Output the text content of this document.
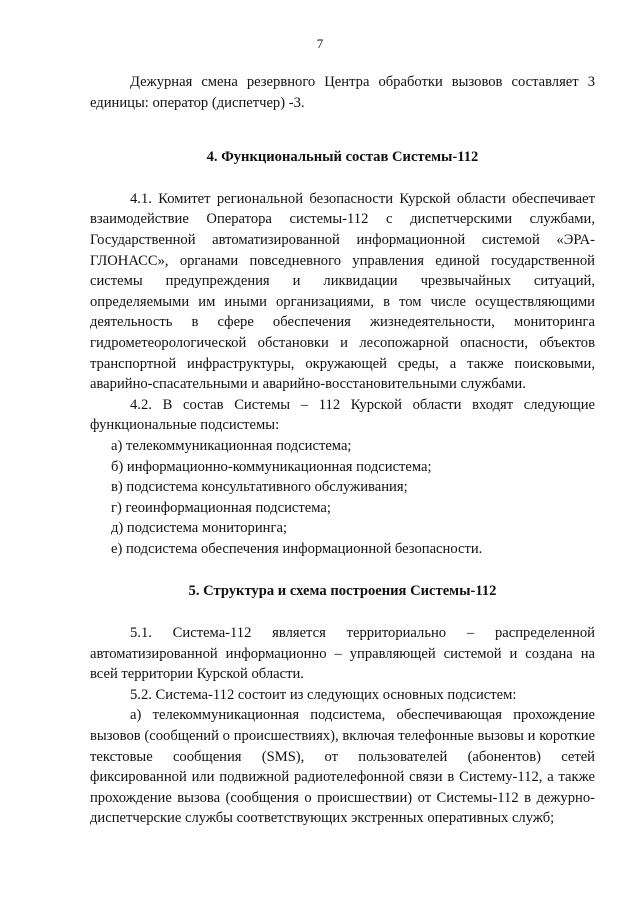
7

Дежурная смена резервного Центра обработки вызовов составляет 3 единицы: оператор (диспетчер) -3.

4. Функциональный состав Системы-112

4.1. Комитет региональной безопасности Курской области обеспечивает взаимодействие Оператора системы-112 с диспетчерскими службами, Государственной автоматизированной информационной системой «ЭРА-ГЛОНАСС», органами повседневного управления единой государственной системы предупреждения и ликвидации чрезвычайных ситуаций, определяемыми им иными организациями, в том числе осуществляющими деятельность в сфере обеспечения жизнедеятельности, мониторинга гидрометеорологической обстановки и лесопожарной опасности, объектов транспортной инфраструктуры, окружающей среды, а также поисковыми, аварийно-спасательными и аварийно-восстановительными службами.

4.2. В состав Системы – 112 Курской области входят следующие функциональные подсистемы:

а) телекоммуникационная подсистема;

б) информационно-коммуникационная подсистема;

в) подсистема консультативного обслуживания;

г) геоинформационная подсистема;

д) подсистема мониторинга;

е) подсистема обеспечения информационной безопасности.

5. Структура и схема построения Системы-112

5.1. Система-112 является территориально – распределенной автоматизированной информационно – управляющей системой и создана на всей территории Курской области.

5.2. Система-112 состоит из следующих основных подсистем:

а) телекоммуникационная подсистема, обеспечивающая прохождение вызовов (сообщений о происшествиях), включая телефонные вызовы и короткие текстовые сообщения (SMS), от пользователей (абонентов) сетей фиксированной или подвижной радиотелефонной связи в Систему-112, а также прохождение вызова (сообщения о происшествии) от Системы-112 в дежурно-диспетчерские службы соответствующих экстренных оперативных служб;
